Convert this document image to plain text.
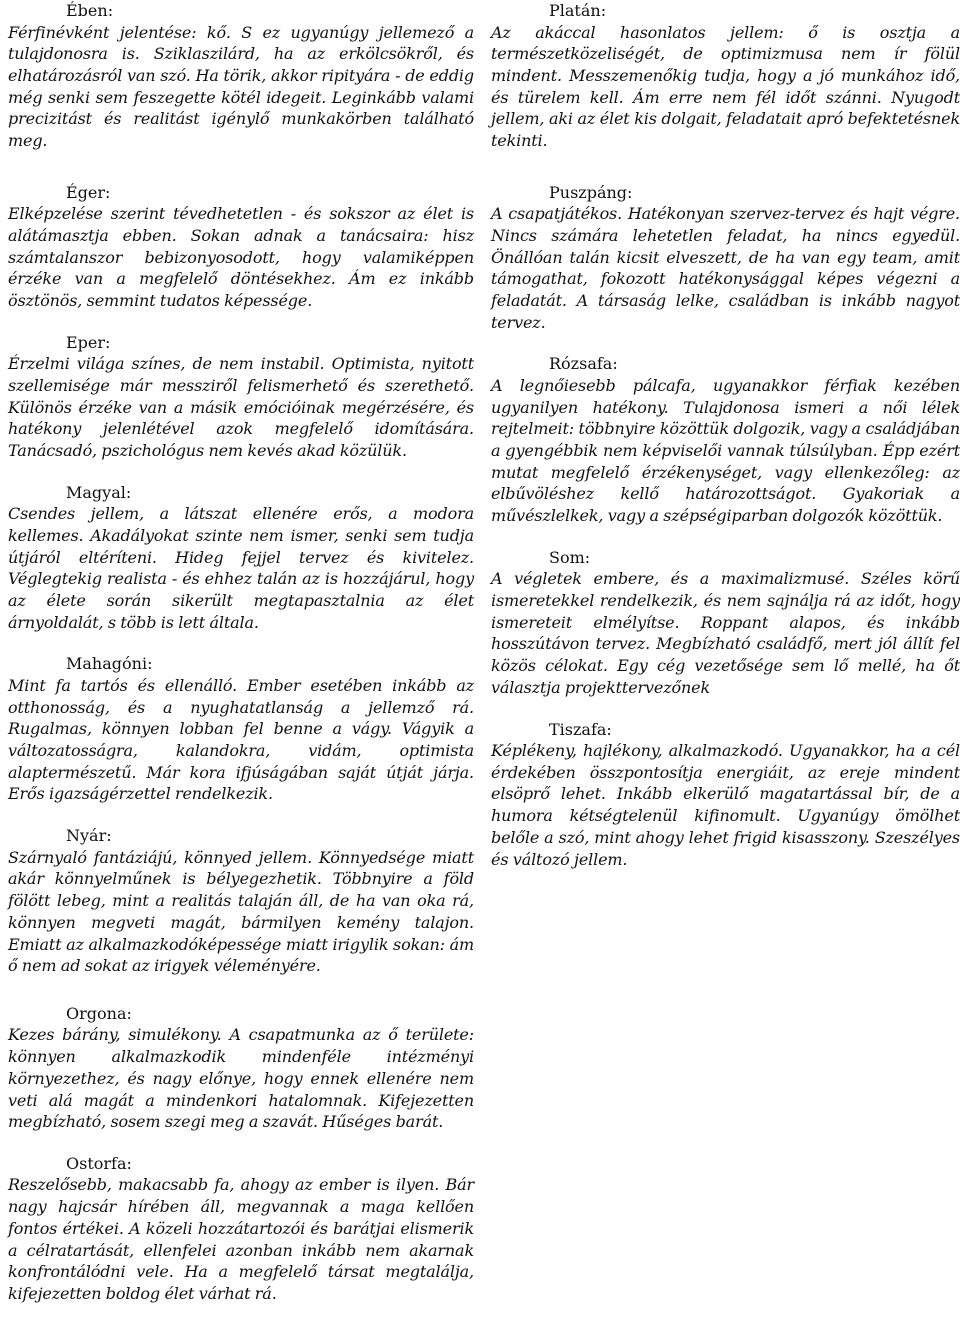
Ében:
Férfinévként jelentése: kő. S ez ugyanúgy jellemező a tulajdonosra is. Sziklaszilárd, ha az erkölcsökről, és elhatározásról van szó. Ha törik, akkor ripityára - de eddig még senki sem feszegette kötél idegeit. Leginkább valami precizitást és realitást igénylő munkakörben található meg.
Éger:
Elképzelése szerint tévedhetetlen - és sokszor az élet is alátámasztja ebben. Sokan adnak a tanácsaira: hisz számtalanszor bebizonyosodott, hogy valamiképpen érzéke van a megfelelő döntésekhez. Ám ez inkább ösztönös, semmint tudatos képessége.
Eper:
Érzelmi világa színes, de nem instabil. Optimista, nyitott szellemisége már messziről felismerhető és szerethető. Különös érzéke van a másik emócióinak megérzésére, és hatékony jelenlétével azok megfelelő idomítására. Tanácsadó, pszichológus nem kevés akad közülük.
Magyal:
Csendes jellem, a látszat ellenére erős, a modora kellemes. Akadályokat szinte nem ismer, senki sem tudja útjáról eltéríteni. Hideg fejjel tervez és kivitelez. Véglegtekig realista - és ehhez talán az is hozzájárul, hogy az élete során sikerült megtapasztalnia az élet árnyoldalát, s több is lett általa.
Mahagóni:
Mint fa tartós és ellenálló. Ember esetében inkább az otthonosság, és a nyughatatlanság a jellemző rá. Rugalmas, könnyen lobban fel benne a vágy. Vágyik a változatosságra, kalandokra, vidám, optimista alaptermészetű. Már kora ifjúságában saját útját járja. Erős igazságérzettel rendelkezik.
Nyár:
Szárnyaló fantáziájú, könnyed jellem. Könnyedsége miatt akár könnyelműnek is bélyegezhetik. Többnyire a föld fölött lebeg, mint a realitás talaján áll, de ha van oka rá, könnyen megveti magát, bármilyen kemény talajon. Emiatt az alkalmazkodóképessége miatt irigylik sokan: ám ő nem ad sokat az irigyek véleményére.
Orgona:
Kezes bárány, simulékony. A csapatmunka az ő területe: könnyen alkalmazkodik mindenféle intézményi környezethez, és nagy előnye, hogy ennek ellenére nem veti alá magát a mindenkori hatalomnak. Kifejezetten megbízható, sosem szegi meg a szavát. Hűséges barát.
Ostorfa:
Reszelősebb, makacsabb fa, ahogy az ember is ilyen. Bár nagy hajcsár hírében áll, megvannak a maga kellően fontos értékei. A közeli hozzátartozói és barátjai elismerik a célratartását, ellenfelei azonban inkább nem akarnak konfrontálódni vele. Ha a megfelelő társat megtalálja, kifejezetten boldog élet várhat rá.
Platán:
Az akáccal hasonlatos jellem: ő is osztja a természetközeliségét, de optimizmusa nem ír fölül mindent. Messzemenőkig tudja, hogy a jó munkához idő, és türelem kell. Ám erre nem fél időt szánni. Nyugodt jellem, aki az élet kis dolgait, feladatait apró befektetésnek tekinti.
Puszpáng:
A csapatjátékos. Hatékonyan szervez-tervez és hajt végre. Nincs számára lehetetlen feladat, ha nincs egyedül. Önállóan talán kicsit elveszett, de ha van egy team, amit támogathat, fokozott hatékonysággal képes végezni a feladatát. A társaság lelke, családban is inkább nagyot tervez.
Rózsafa:
A legnőiesebb pálcafa, ugyanakkor férfiak kezében ugyanilyen hatékony. Tulajdonosa ismeri a női lélek rejtelmeit: többnyire közöttük dolgozik, vagy a családjában a gyengébbik nem képviselői vannak túlsúlyban. Épp ezért mutat megfelelő érzékenységet, vagy ellenkezőleg: az elbűvöléshez kellő határozottságot. Gyakoriak a művészlelkek, vagy a szépségiparban dolgozók közöttük.
Som:
A végletek embere, és a maximalizmusé. Széles körű ismeretekkel rendelkezik, és nem sajnálja rá az időt, hogy ismereteit elmélyítse. Roppant alapos, és inkább hosszútávon tervez. Megbízható családfő, mert jól állít fel közös célokat. Egy cég vezetősége sem lő mellé, ha őt választja projekttervezőnek
Tiszafa:
Képlékeny, hajlékony, alkalmazkodó. Ugyanakkor, ha a cél érdekében összpontosítja energiáit, az ereje mindent elsöprő lehet. Inkább elkerülő magatartással bír, de a humora kétségtelenül kifinomult. Ugyanúgy ömölhet belőle a szó, mint ahogy lehet frigid kisasszony. Szeszélyes és változó jellem.
